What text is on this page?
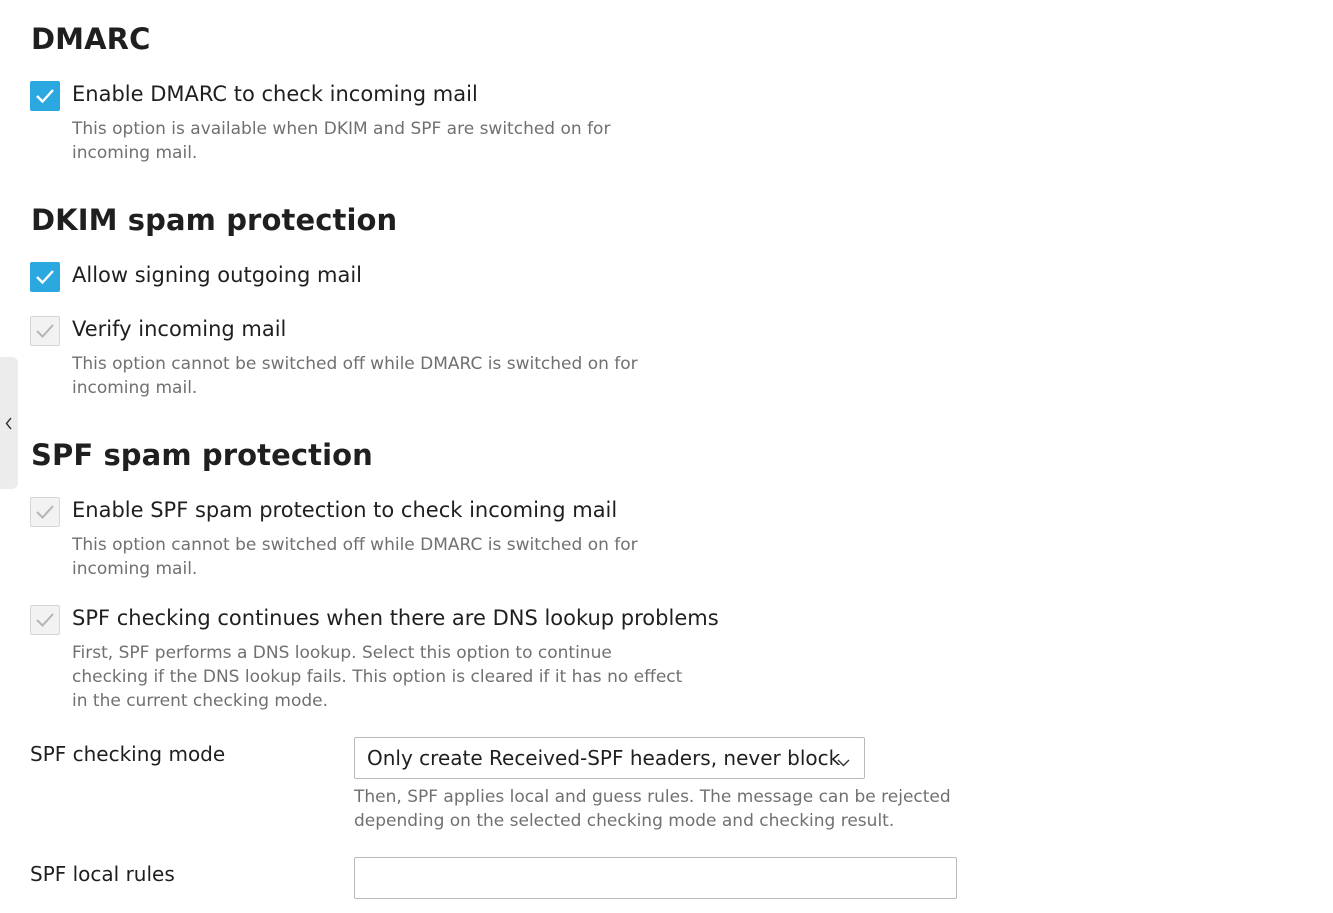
DMARC
Enable DMARC to check incoming mail
This option is available when DKIM and SPF are switched on for
incoming mail.
DKIM spam protection
Allow signing outgoing mail
Verify incoming mail
This option cannot be switched off while DMARC is switched on for
incoming mail.
SPF spam protection
Enable SPF spam protection to check incoming mail
This option cannot be switched off while DMARC is switched on for
incoming mail.
SPF checking continues when there are DNS lookup problems
First, SPF performs a DNS lookup. Select this option to continue
checking if the DNS lookup fails. This option is cleared if it has no effect
in the current checking mode.
SPF checking mode	Only create Received-SPF headers, never block
Then, SPF applies local and guess rules. The message can be rejected
depending on the selected checking mode and checking result.
SPF local rules
